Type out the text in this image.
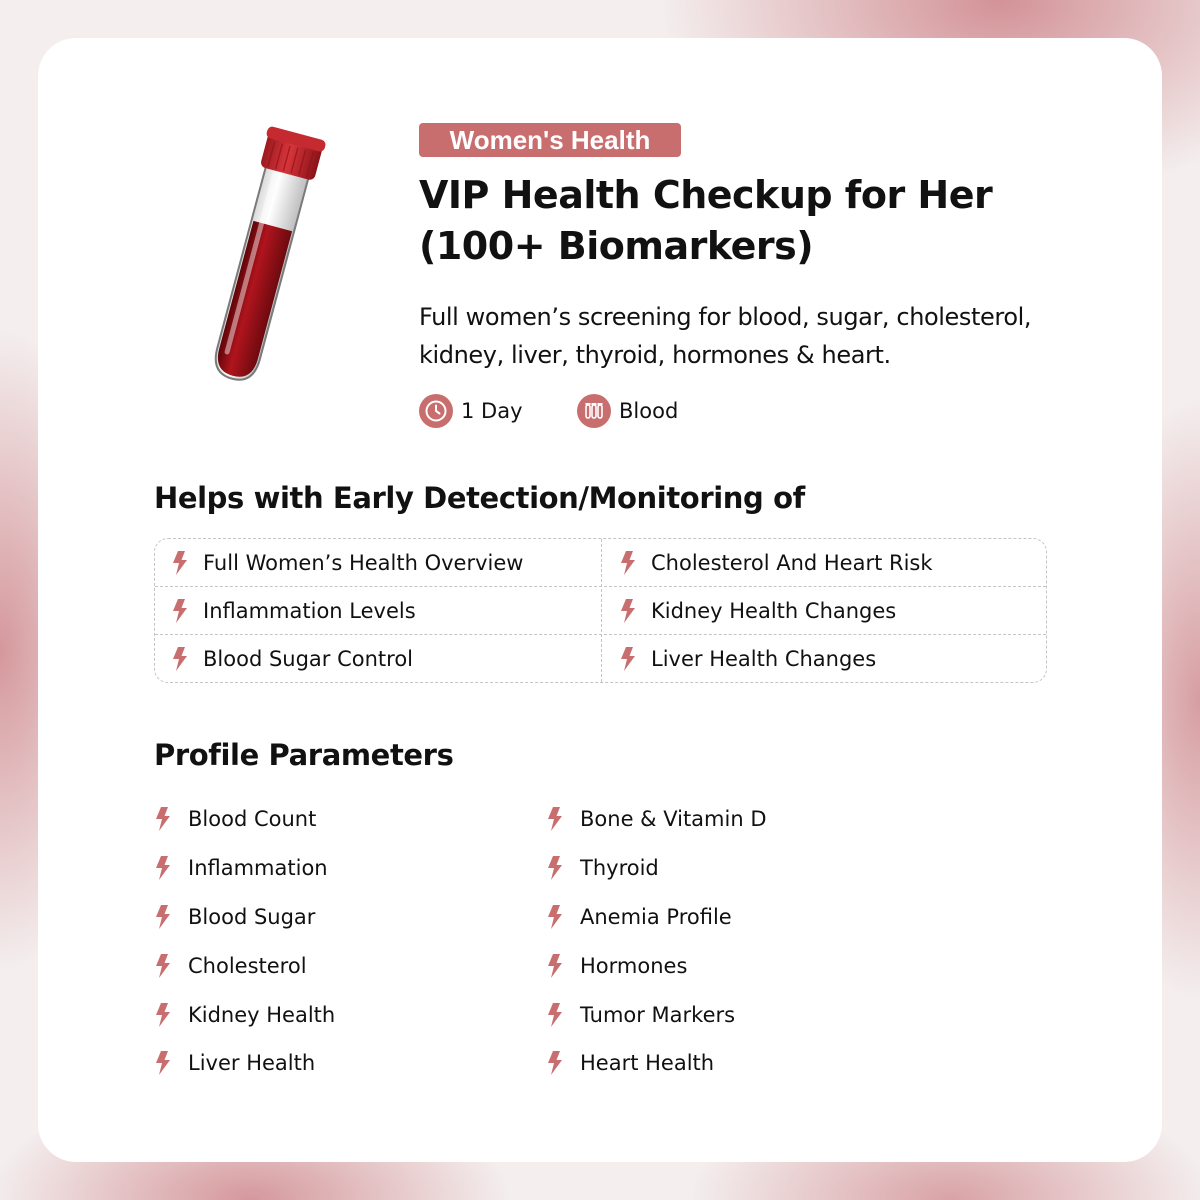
Women's Health
VIP Health Checkup for Her
(100+ Biomarkers)

Full women’s screening for blood, sugar, cholesterol,
kidney, liver, thyroid, hormones & heart.

1 Day	Blood
Helps with Early Detection/Monitoring of
Full Women’s Health Overview	Cholesterol And Heart Risk
Inflammation Levels	Kidney Health Changes
Blood Sugar Control	Liver Health Changes
Profile Parameters
Blood Count
Inflammation
Blood Sugar
Cholesterol
Kidney Health
Liver Health
Bone & Vitamin D
Thyroid
Anemia Profile
Hormones
Tumor Markers
Heart Health
